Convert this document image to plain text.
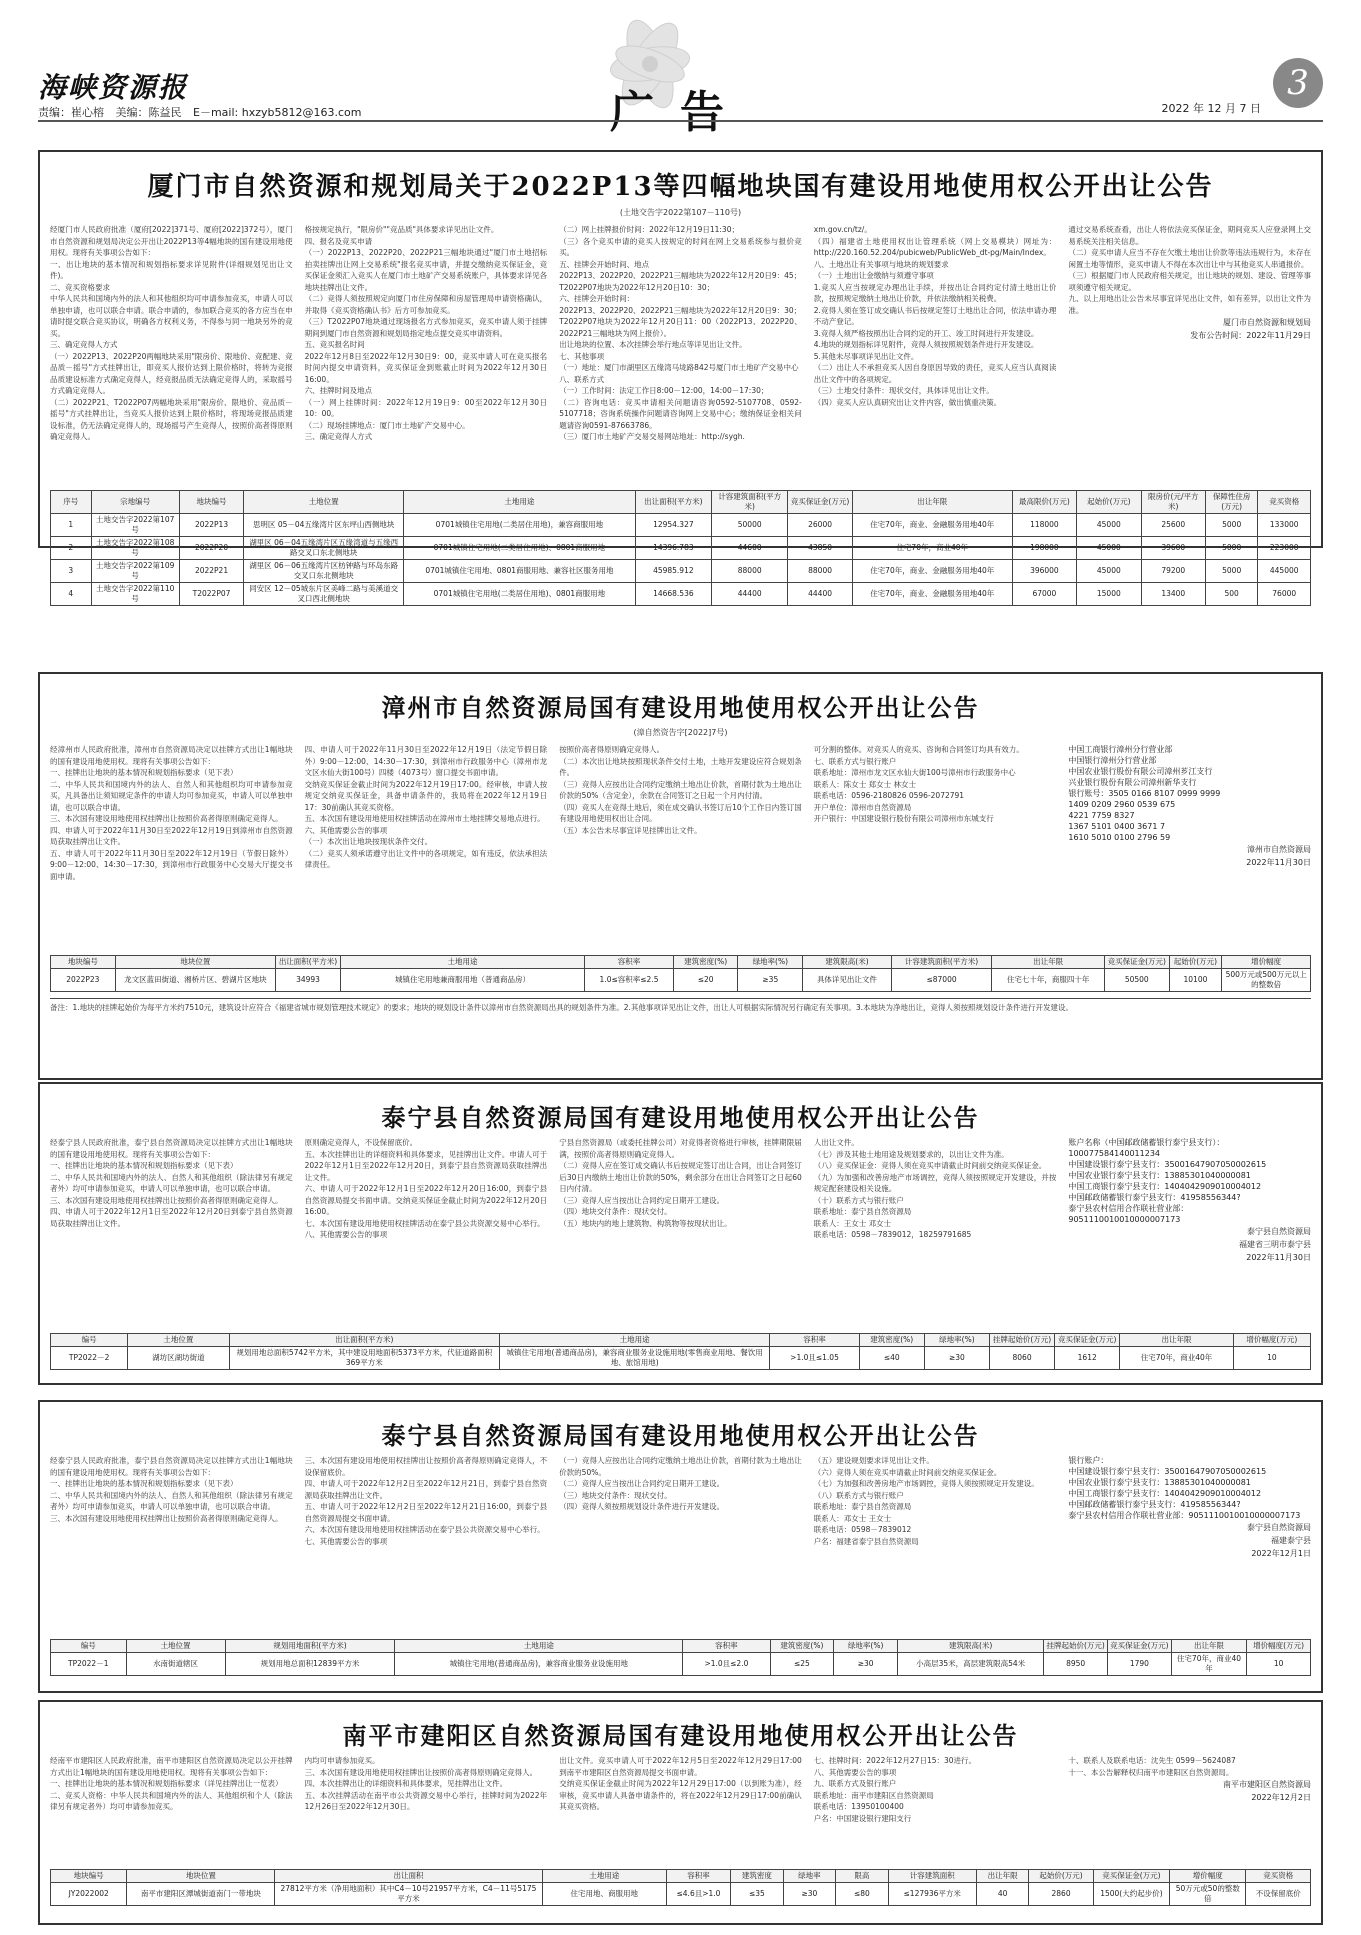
海峡资源报
责编：崔心榕 美编：陈益民 E－mail: hxzyb5812@163.com	广告	2022 年 12 月 7 日
3
厦门市自然资源和规划局关于2022P13等四幅地块国有建设用地使用权公开出让公告
(土地交告字2022第107－110号)

经厦门市人民政府批准（厦府[2022]371号、厦府[2022]372号），厦门市自然资源和规划局决定公开出让2022P13等4幅地块的国有建设用地使用权。现将有关事项公告如下：

一、出让地块的基本情况和规划指标要求详见附件(详细规划见出让文件)。

二、竞买资格要求

中华人民共和国境内外的法人和其他组织均可申请参加竞买，申请人可以单独申请，也可以联合申请。联合申请的，参加联合竞买的各方应当在申请时提交联合竞买协议，明确各方权利义务，不得参与同一地块另外的竞买。

三、确定竞得人方式

（一）2022P13、2022P20两幅地块采用"限房价、限地价、竞配建、竞品质－摇号"方式挂牌出让，即竞买人报价达到上限价格时，将转为竞报品质建设标准方式确定竞得人，经竞报品质无法确定竞得人的，采取摇号方式确定竞得人。

（二）2022P21、T2022P07两幅地块采用"限房价、限地价、竞品质－摇号"方式挂牌出让，当竞买人报价达到上限价格时，将现场竞报品质建设标准，仍无法确定竞得人的，现场摇号产生竞得人，按照价高者得原则确定竞得人。

格按规定执行，"限房价""竞品质"具体要求详见出让文件。

四、报名及竞买申请

（一）2022P13、2022P20、2022P21三幅地块通过"厦门市土地招标拍卖挂牌出让网上交易系统"报名竞买申请，并提交缴纳竞买保证金，竞买保证金须汇入竞买人在厦门市土地矿产交易系统账户，具体要求详见各地块挂牌出让文件。

（二）竞得人须按照规定向厦门市住房保障和房屋管理局申请资格确认，并取得《竞买资格确认书》后方可参加竞买。

（三）T2022P07地块通过现场报名方式参加竞买，竞买申请人须于挂牌期间到厦门市自然资源和规划局指定地点提交竞买申请资料。

五、竞买报名时间

2022年12月8日至2022年12月30日9：00，竞买申请人可在竞买报名时间内提交申请资料，竞买保证金到账截止时间为2022年12月30日16:00。

六、挂牌时间及地点

（一）网上挂牌时间：2022年12月19日9：00至2022年12月30日10：00。

（二）现场挂牌地点：厦门市土地矿产交易中心。

三、确定竞得人方式

（二）网上挂牌报价时间：2022年12月19日11:30；

（三）各个竞买申请的竞买人按规定的时间在网上交易系统参与报价竞买。

五、挂牌会开始时间、地点

2022P13、2022P20、2022P21三幅地块为2022年12月20日9：45；

T2022P07地块为2022年12月20日10：30；

六、挂牌会开始时间：

2022P13、2022P20、2022P21三幅地块为2022年12月20日9：30；

T2022P07地块为2022年12月20日11：00（2022P13、2022P20、2022P21三幅地块为网上报价）。

出让地块的位置、本次挂牌会举行地点等详见出让文件。

七、其他事项

（一）地址：厦门市湖里区五缘湾马垅路842号厦门市土地矿产交易中心

八、联系方式

（一）工作时间：法定工作日8:00－12:00，14:00－17:30；

（二）咨询电话：竞买申请相关问题请咨询0592-5107708、0592-5107718；咨询系统操作问题请咨询网上交易中心；缴纳保证金相关问题请咨询0591-87663786。

（三）厦门市土地矿产交易交易网站地址：http://sygh.

xm.gov.cn/tz/。

（四）福建省土地使用权出让管理系统（网上交易模块）网址为：http://220.160.52.204/pubicweb/PublicWeb_dt-pg/Main/Index。

八、土地出让有关事项与地块的规划要求

（一）土地出让金缴纳与须遵守事项

1.竞买人应当按规定办理出让手续，并按出让合同约定付清土地出让价款，按照规定缴纳土地出让价款，并依法缴纳相关税费。

2.竞得人须在签订成交确认书后按规定签订土地出让合同，依法申请办理不动产登记。

3.竞得人须严格按照出让合同约定的开工、竣工时间进行开发建设。

4.地块的规划指标详见附件，竞得人须按照规划条件进行开发建设。

5.其他未尽事项详见出让文件。

（二）出让人不承担竞买人因自身原因导致的责任，竞买人应当认真阅读出让文件中的各项规定。

（三）土地交付条件：现状交付，具体详见出让文件。

（四）竞买人应认真研究出让文件内容，做出慎重决策。

通过交易系统查看，出让人将依法竞买保证金，期间竞买人应登录网上交易系统关注相关信息。

（二）竞买申请人应当不存在欠缴土地出让价款等违法违规行为，未存在闲置土地等情形，竞买申请人不得在本次出让中与其他竞买人串通报价。

（三）根据厦门市人民政府相关规定，出让地块的规划、建设、管理等事项须遵守相关规定。

九、以上用地出让公告未尽事宜详见出让文件，如有差异，以出让文件为准。

厦门市自然资源和规划局

发布公告时间：2022年11月29日

序号	宗地编号	地块编号	土地位置	土地用途	出让面积(平方米)	计容建筑面积(平方米)	竞买保证金(万元)	出让年限	最高限价(万元)	起始价(万元)	限房价(元/平方米)	保障性住房(万元)	竞买资格
1	土地交告字2022第107号	2022P13	思明区 05－04五缘湾片区东坪山西侧地块	0701城镇住宅用地(二类居住用地)，兼容商服用地	12954.327	50000	26000	住宅70年，商业、金融服务用地40年	118000	45000	25600	5000	133000
2	土地交告字2022第108号	2022P20	湖里区 06－04五缘湾片区五缘湾道与五缘西路交叉口东北侧地块	0701城镇住宅用地(二类居住用地)、0801商服用地	14396.783	44600	43850	住宅70年，商业40年	198000	45000	39600	5000	223000
3	土地交告字2022第109号	2022P21	湖里区 06－06五缘湾片区枋钟路与环岛东路交叉口东北侧地块	0701城镇住宅用地、0801商服用地、兼容社区服务用地	45985.912	88000	88000	住宅70年，商业、金融服务用地40年	396000	45000	79200	5000	445000
4	土地交告字2022第110号	T2022P07	同安区 12－05城东片区美峰二路与美溪道交叉口西北侧地块	0701城镇住宅用地(二类居住用地)、0801商服用地	14668.536	44400	44400	住宅70年，商业、金融服务用地40年	67000	15000	13400	500	76000
漳州市自然资源局国有建设用地使用权公开出让公告
(漳自然资告字[2022]7号)

经漳州市人民政府批准，漳州市自然资源局决定以挂牌方式出让1幅地块的国有建设用地使用权。现将有关事项公告如下：

一、挂牌出让地块的基本情况和规划指标要求（见下表）

二、中华人民共和国境内外的法人、自然人和其他组织均可申请参加竞买，凡具备出让须知规定条件的申请人均可参加竞买，申请人可以单独申请，也可以联合申请。

三、本次国有建设用地使用权挂牌出让按照价高者得原则确定竞得人。

四、申请人可于2022年11月30日至2022年12月19日到漳州市自然资源局获取挂牌出让文件。

五、申请人可于2022年11月30日至2022年12月19日（节假日除外）9:00－12:00、14:30－17:30，到漳州市行政服务中心交易大厅提交书面申请。

四、申请人可于2022年11月30日至2022年12月19日（法定节假日除外）9:00－12:00、14:30－17:30，到漳州市行政服务中心（漳州市龙文区水仙大街100号）四楼（4073号）窗口提交书面申请。

交纳竞买保证金截止时间为2022年12月19日17:00。经审核，申请人按规定交纳竞买保证金，具备申请条件的，我局将在2022年12月19日17：30前确认其竞买资格。

五、本次国有建设用地使用权挂牌活动在漳州市土地挂牌交易地点进行。

六、其他需要公告的事项

（一）本次出让地块按现状条件交付。

（二）竞买人须承诺遵守出让文件中的各项规定，如有违反，依法承担法律责任。

按照价高者得原则确定竞得人。

（二）本次出让地块按照现状条件交付土地，土地开发建设应符合规划条件。

（三）竞得人应按出让合同约定缴纳土地出让价款，首期付款为土地出让价款的50%（含定金），余款在合同签订之日起一个月内付清。

（四）竞买人在竞得土地后，须在成交确认书签订后10个工作日内签订国有建设用地使用权出让合同。

（五）本公告未尽事宜详见挂牌出让文件。

可分割的整体。对竞买人的竞买、咨询和合同签订均具有效力。

七、联系方式与银行账户

联系地址：漳州市龙文区水仙大街100号漳州市行政服务中心

联系人：陈女士 郑女士 林女士

联系电话：0596-2180826 0596-2072791

开户单位：漳州市自然资源局

开户银行：中国建设银行股份有限公司漳州市东城支行

中国工商银行漳州分行营业部

中国银行漳州分行营业部

中国农业银行股份有限公司漳州芗江支行

兴业银行股份有限公司漳州新华支行

银行账号：3505 0166 8107 0999 9999

1409 0209 2960 0539 675

4221 7759 8327

1367 5101 0400 3671 7

1610 5010 0100 2796 59

漳州市自然资源局

2022年11月30日

地块编号	地块位置	出让面积(平方米)	土地用途	容积率	建筑密度(%)	绿地率(%)	建筑限高(米)	计容建筑面积(平方米)	出让年限	竞买保证金(万元)	起始价(万元)	增价幅度
2022P23	龙文区蓝田街道、湘桥片区、碧湖片区地块	34993	城镇住宅用地兼商服用地（普通商品房）	1.0≤容积率≤2.5	≤20	≥35	具体详见出让文件	≤87000	住宅七十年，商服四十年	50500	10100	500万元或500万元以上的整数倍
备注：1.地块的挂牌起始价为每平方米约7510元，建筑设计应符合《福建省城市规划管理技术规定》的要求；地块的规划设计条件以漳州市自然资源局出具的规划条件为准。2.其他事项详见出让文件，出让人可根据实际情况另行确定有关事项。3.本地块为净地出让，竞得人须按照规划设计条件进行开发建设。
泰宁县自然资源局国有建设用地使用权公开出让公告

经泰宁县人民政府批准，泰宁县自然资源局决定以挂牌方式出让1幅地块的国有建设用地使用权。现将有关事项公告如下：

一、挂牌出让地块的基本情况和规划指标要求（见下表）

二、中华人民共和国境内外的法人、自然人和其他组织（除法律另有规定者外）均可申请参加竞买，申请人可以单独申请，也可以联合申请。

三、本次国有建设用地使用权挂牌出让按照价高者得原则确定竞得人。

四、申请人可于2022年12月1日至2022年12月20日到泰宁县自然资源局获取挂牌出让文件。

原则确定竞得人，不设保留底价。

五、本次挂牌出让的详细资料和具体要求，见挂牌出让文件。申请人可于2022年12月1日至2022年12月20日，到泰宁县自然资源局获取挂牌出让文件。

六、申请人可于2022年12月1日至2022年12月20日16:00，到泰宁县自然资源局提交书面申请。交纳竞买保证金截止时间为2022年12月20日16:00。

七、本次国有建设用地使用权挂牌活动在泰宁县公共资源交易中心举行。

八、其他需要公告的事项

宁县自然资源局（或委托挂牌公司）对竞得者资格进行审核，挂牌期限届满，按照价高者得原则确定竞得人。

（二）竞得人应在签订成交确认书后按规定签订出让合同，出让合同签订后30日内缴纳土地出让价款的50%，剩余部分在出让合同签订之日起60日内付清。

（三）竞得人应当按出让合同约定日期开工建设。

（四）地块交付条件：现状交付。

（五）地块内的地上建筑物、构筑物等按现状出让。

人出让文件。

（七）涉及其他土地用途及规划要求的，以出让文件为准。

（八）竞买保证金：竞得人须在竞买申请截止时间前交纳竞买保证金。

（九）为加强和改善房地产市场调控，竞得人须按照规定开发建设，并按规定配套建设相关设施。

（十）联系方式与银行账户

联系地址：泰宁县自然资源局

联系人：王女士 邓女士

联系电话：0598－7839012，18259791685

账户名称（中国邮政储蓄银行泰宁县支行）：

100077584140011234

中国建设银行泰宁县支行：35001647907050002615

中国农业银行泰宁县支行：13885301040000081

中国工商银行泰宁县支行：1404042909010004012

中国邮政储蓄银行泰宁县支行：41958556344?

泰宁县农村信用合作联社营业部：

9051110010010000007173

泰宁县自然资源局

福建省三明市泰宁县

2022年11月30日

编号	土地位置	出让面积(平方米)	土地用途	容积率	建筑密度(%)	绿地率(%)	挂牌起始价(万元)	竞买保证金(万元)	出让年限	增价幅度(万元)
TP2022－2	湖坊区湖坊街道	规划用地总面积5742平方米，其中建设用地面积5373平方米，代征道路面积369平方米	城镇住宅用地(普通商品房)，兼容商业服务业设施用地(零售商业用地、餐饮用地、旅馆用地)	>1.0且≤1.05	≤40	≥30	8060	1612	住宅70年，商业40年	10
泰宁县自然资源局国有建设用地使用权公开出让公告

经泰宁县人民政府批准，泰宁县自然资源局决定以挂牌方式出让1幅地块的国有建设用地使用权。现将有关事项公告如下：

一、挂牌出让地块的基本情况和规划指标要求（见下表）

二、中华人民共和国境内外的法人、自然人和其他组织（除法律另有规定者外）均可申请参加竞买，申请人可以单独申请，也可以联合申请。

三、本次国有建设用地使用权挂牌出让按照价高者得原则确定竞得人。

三、本次国有建设用地使用权挂牌出让按照价高者得原则确定竞得人，不设保留底价。

四、申请人可于2022年12月2日至2022年12月21日，到泰宁县自然资源局获取挂牌出让文件。

五、申请人可于2022年12月2日至2022年12月21日16:00，到泰宁县自然资源局提交书面申请。

六、本次国有建设用地使用权挂牌活动在泰宁县公共资源交易中心举行。

七、其他需要公告的事项

（一）竞得人应按出让合同约定缴纳土地出让价款，首期付款为土地出让价款的50%。

（二）竞得人应当按出让合同约定日期开工建设。

（三）地块交付条件：现状交付。

（四）竞得人须按照规划设计条件进行开发建设。

（五）建设规划要求详见出让文件。

（六）竞得人须在竞买申请截止时间前交纳竞买保证金。

（七）为加强和改善房地产市场调控，竞得人须按照规定开发建设。

（八）联系方式与银行账户

联系地址：泰宁县自然资源局

联系人：邓女士 王女士

联系电话：0598－7839012

户名：福建省泰宁县自然资源局

银行账户：

中国建设银行泰宁县支行：35001647907050002615

中国农业银行泰宁县支行：13885301040000081

中国工商银行泰宁县支行：1404042909010004012

中国邮政储蓄银行泰宁县支行：41958556344?

泰宁县农村信用合作联社营业部：9051110010010000007173

泰宁县自然资源局

福建泰宁县

2022年12月1日

编号	土地位置	规划用地面积(平方米)	土地用途	容积率	建筑密度(%)	绿地率(%)	建筑限高(米)	挂牌起始价(万元)	竞买保证金(万元)	出让年限	增价幅度(万元)
TP2022－1	水南街道辖区	规划用地总面积12839平方米	城镇住宅用地(普通商品房)，兼容商业服务业设施用地	>1.0且≤2.0	≤25	≥30	小高层35米，高层建筑限高54米	8950	1790	住宅70年，商业40年	10
南平市建阳区自然资源局国有建设用地使用权公开出让公告

经南平市建阳区人民政府批准，南平市建阳区自然资源局决定以公开挂牌方式出让1幅地块的国有建设用地使用权。现将有关事项公告如下：

一、挂牌出让地块的基本情况和规划指标要求（详见挂牌出让一览表）

二、竞买人资格：中华人民共和国境内外的法人、其他组织和个人（除法律另有规定者外）均可申请参加竞买。

内均可申请参加竞买。

三、本次国有建设用地使用权挂牌出让按照价高者得原则确定竞得人。

四、本次挂牌出让的详细资料和具体要求，见挂牌出让文件。

五、本次挂牌活动在南平市公共资源交易中心举行，挂牌时间为2022年12月26日至2022年12月30日。

出让文件。竞买申请人可于2022年12月5日至2022年12月29日17:00到南平市建阳区自然资源局提交书面申请。

交纳竞买保证金截止时间为2022年12月29日17:00（以到账为准），经审核，竞买申请人具备申请条件的，将在2022年12月29日17:00前确认其竞买资格。

七、挂牌时间：2022年12月27日15：30进行。

八、其他需要公告的事项

九、联系方式及银行账户

联系地址：南平市建阳区自然资源局

联系电话：13950100400

户名：中国建设银行建阳支行

十、联系人及联系电话：沈先生 0599－5624087

十一、本公告解释权归南平市建阳区自然资源局。

南平市建阳区自然资源局

2022年12月2日

地块编号	地块位置	出让面积	土地用途	容积率	建筑密度	绿地率	限高	计容建筑面积	出让年限	起始价(万元)	竞买保证金(万元)	增价幅度	竞买资格
JY2022002	南平市建阳区潭城街道南门一带地块	27812平方米（净用地面积）其中C4－10号21957平方米，C4－11号5175平方米	住宅用地、商服用地	≤4.6且>1.0	≤35	≥30	≤80	≤127936平方米	40	2860	1500(大约起步价)	50万元或50的整数倍	不设保留底价
